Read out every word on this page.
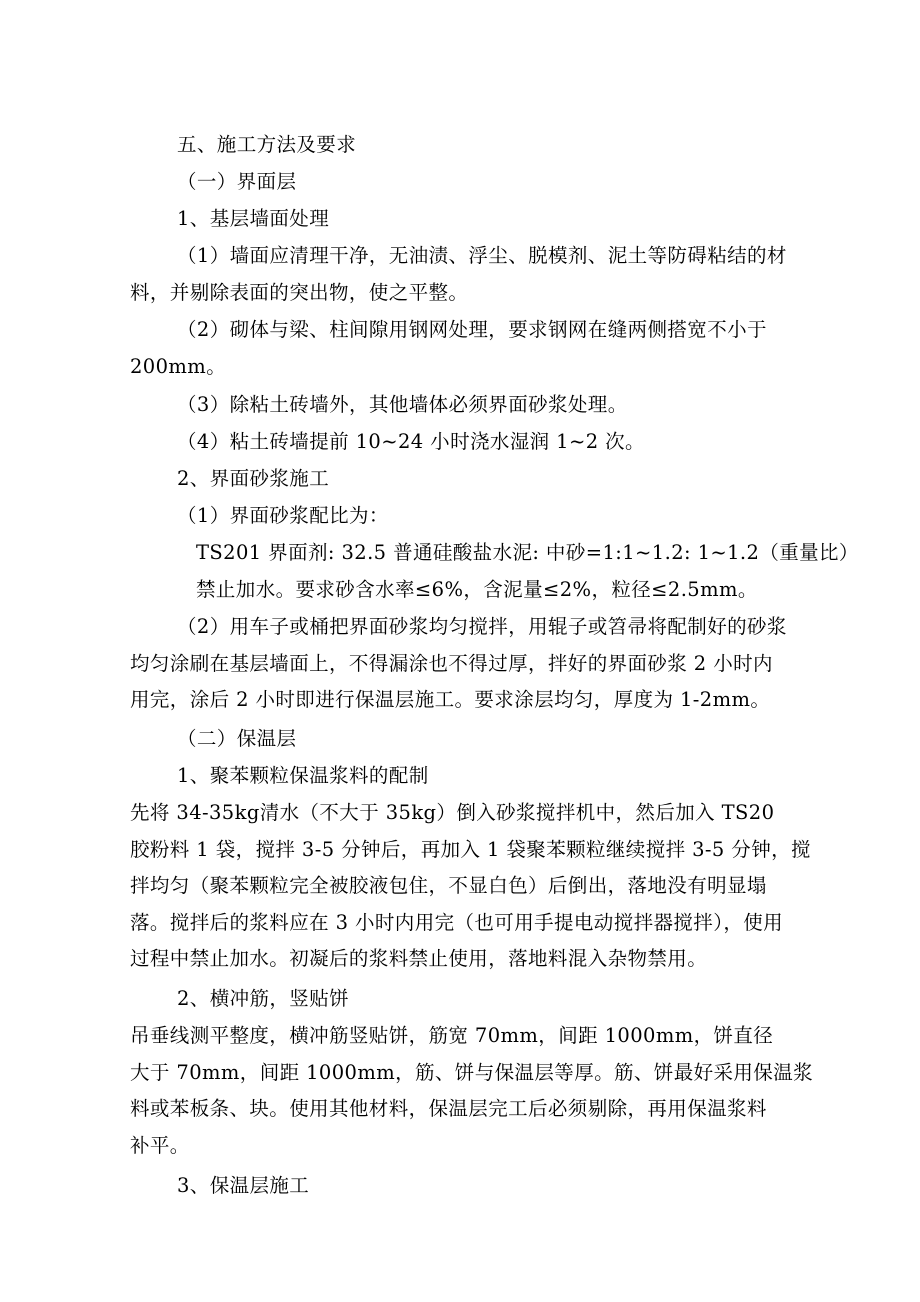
五、施工方法及要求

（一）界面层

1、基层墙面处理

（1）墙面应清理干净，无油渍、浮尘、脱模剂、泥土等防碍粘结的材
料，并剔除表面的突出物，使之平整。

（2）砌体与梁、柱间隙用钢网处理，要求钢网在缝两侧搭宽不小于
200mm。

（3）除粘土砖墙外，其他墙体必须界面砂浆处理。

（4）粘土砖墙提前 10~24 小时浇水湿润 1~2 次。

2、界面砂浆施工

（1）界面砂浆配比为：

TS201 界面剂: 32.5 普通硅酸盐水泥: 中砂=1:1~1.2: 1~1.2（重量比）
禁止加水。要求砂含水率≤6%，含泥量≤2%，粒径≤2.5mm。

（2）用车子或桶把界面砂浆均匀搅拌，用辊子或笤帚将配制好的砂浆
均匀涂刷在基层墙面上，不得漏涂也不得过厚，拌好的界面砂浆 2 小时内
用完，涂后 2 小时即进行保温层施工。要求涂层均匀，厚度为 1-2mm。

（二）保温层

1、聚苯颗粒保温浆料的配制

先将 34-35kg清水（不大于 35kg）倒入砂浆搅拌机中，然后加入 TS20
胶粉料 1 袋，搅拌 3-5 分钟后，再加入 1 袋聚苯颗粒继续搅拌 3-5 分钟，搅
拌均匀（聚苯颗粒完全被胶液包住，不显白色）后倒出，落地没有明显塌
落。搅拌后的浆料应在 3 小时内用完（也可用手提电动搅拌器搅拌），使用
过程中禁止加水。初凝后的浆料禁止使用，落地料混入杂物禁用。

2、横冲筋，竖贴饼

吊垂线测平整度，横冲筋竖贴饼，筋宽 70mm，间距 1000mm，饼直径
大于 70mm，间距 1000mm，筋、饼与保温层等厚。筋、饼最好采用保温浆
料或苯板条、块。使用其他材料，保温层完工后必须剔除，再用保温浆料
补平。

3、保温层施工
